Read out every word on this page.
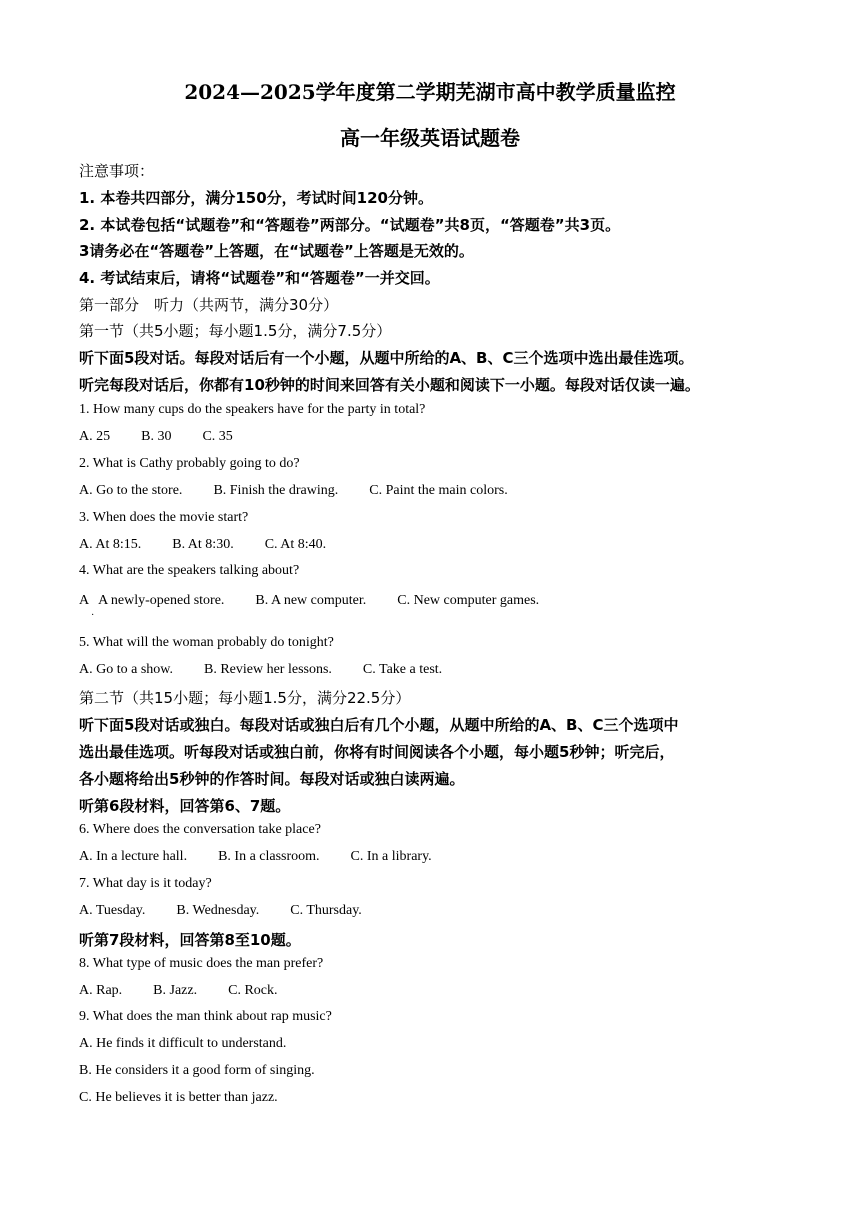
2024—2025学年度第二学期芜湖市高中教学质量监控
高一年级英语试题卷
注意事项：
1. 本卷共四部分，满分150分，考试时间120分钟。
2. 本试卷包括“试题卷”和“答题卷”两部分。“试题卷”共8页，“答题卷”共3页。
3请务必在“答题卷”上答题，在“试题卷”上答题是无效的。
4. 考试结束后，请将“试题卷”和“答题卷”一并交回。
第一部分　听力（共两节，满分30分）
第一节（共5小题；每小题1.5分，满分7.5分）
听下面5段对话。每段对话后有一个小题，从题中所给的A、B、C三个选项中选出最佳选项。
听完每段对话后，你都有10秒钟的时间来回答有关小题和阅读下一小题。每段对话仅读一遍。
1. How many cups do the speakers have for the party in total?
A. 25 B. 30 C. 35
2. What is Cathy probably going to do?
A. Go to the store. B. Finish the drawing. C. Paint the main colors.
3. When does the movie start?
A. At 8:15. B. At 8:30. C. At 8:40.
4. What are the speakers talking about?
A   A newly-opened store. B. A new computer. C. New computer games.
·
5. What will the woman probably do tonight?
A. Go to a show. B. Review her lessons. C. Take a test.
第二节（共15小题；每小题1.5分，满分22.5分）
听下面5段对话或独白。每段对话或独白后有几个小题，从题中所给的A、B、C三个选项中
选出最佳选项。听每段对话或独白前，你将有时间阅读各个小题，每小题5秒钟；听完后，
各小题将给出5秒钟的作答时间。每段对话或独白读两遍。
听第6段材料，回答第6、7题。
6. Where does the conversation take place?
A. In a lecture hall. B. In a classroom. C. In a library.
7. What day is it today?
A. Tuesday. B. Wednesday. C. Thursday.
听第7段材料，回答第8至10题。
8. What type of music does the man prefer?
A. Rap. B. Jazz. C. Rock.
9. What does the man think about rap music?
A. He finds it difficult to understand.
B. He considers it a good form of singing.
C. He believes it is better than jazz.
